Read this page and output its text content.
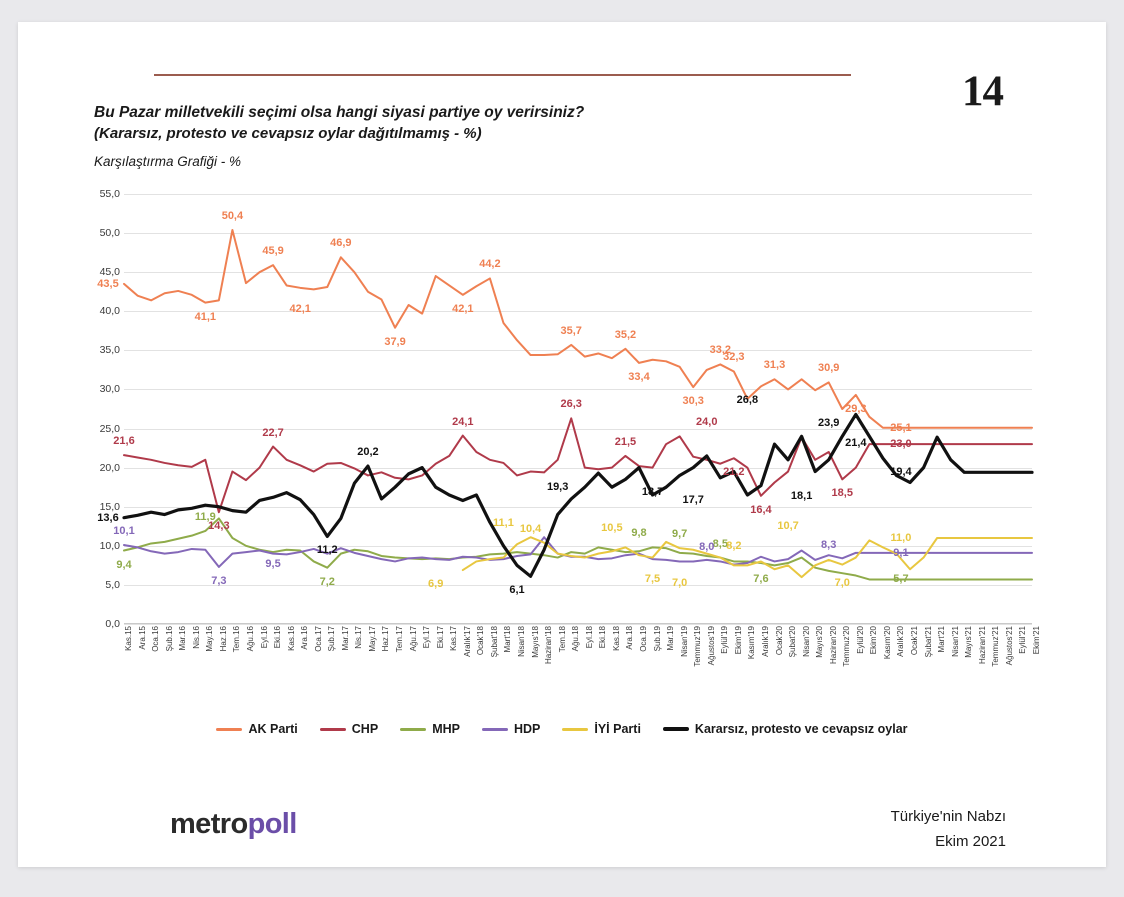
14
Bu Pazar milletvekili seçimi olsa hangi siyasi partiye oy verirsiniz?
(Kararsız, protesto ve cevapsız oylar dağıtılmamış - %)
Karşılaştırma Grafiği - %
0,0
5,0
10,0
15,0
20,0
25,0
30,0
35,0
40,0
45,0
50,0
55,0
43,5
41,1
50,4
45,9
42,1
46,9
37,9
42,1
44,2
35,7	35,2
33,4
30,3
33,2
32,3
31,3	30,9
29,3
25,1
21,6
14,3
22,7
24,1
26,3
21,5
24,0
21,2
16,4
18,5
23,0
9,4
11,9
7,2
9,8 9,7
8,5
7,6	5,7
10,1
7,3
9,5
8,0	8,3
9,1
6,9
11,1 10,4	10,5
7,5 7,0
8,2
10,7
7,0
11,0
13,6
11,2
20,2
6,1
19,3	18,7
17,7
26,8
18,1
23,9
21,4
19,4
Kas.15 Ara.15 Oca.16 Şub.16 Mar.16 Nis.16 May.16 Haz.16 Tem.16 Ağu.16 Eyl.16 Eki.16 Kas.16 Ara.16 Oca.17 Şub.17 Mar.17 Nis.17 May.17 Haz.17 Tem.17 Ağu.17 Eyl.17 Eki.17 Kas.17 Aralık'17 Ocak'18 Şubat'18 Mart'18 Nisan'18 Mayıs'18 Haziran'18 Tem.18 Ağu.18 Eyl.18 Eki.18 Kas.18 Ara.18 Oca.19 Şub.19 Mar.19 Nisan'19 Temmuz'19 Ağustos'19 Eylül'19 Ekim'19 Kasım'19 Aralık'19 Ocak'20 Şubat'20 Nisan'20 Mayıs'20 Haziran'20 Temmuz'20 Eylül'20 Ekim'20 Kasım'20 Aralık'20 Ocak'21 Şubat'21 Mart'21 Nisan'21 Mayıs'21 Haziran'21 Temmuz'21 Ağustos'21 Eylül'21 Ekim'21
AK Parti	CHP	MHP	HDP	İYİ Parti	Kararsız, protesto ve cevapsız oylar
metropoll	Türkiye'nin Nabzı
Ekim 2021
